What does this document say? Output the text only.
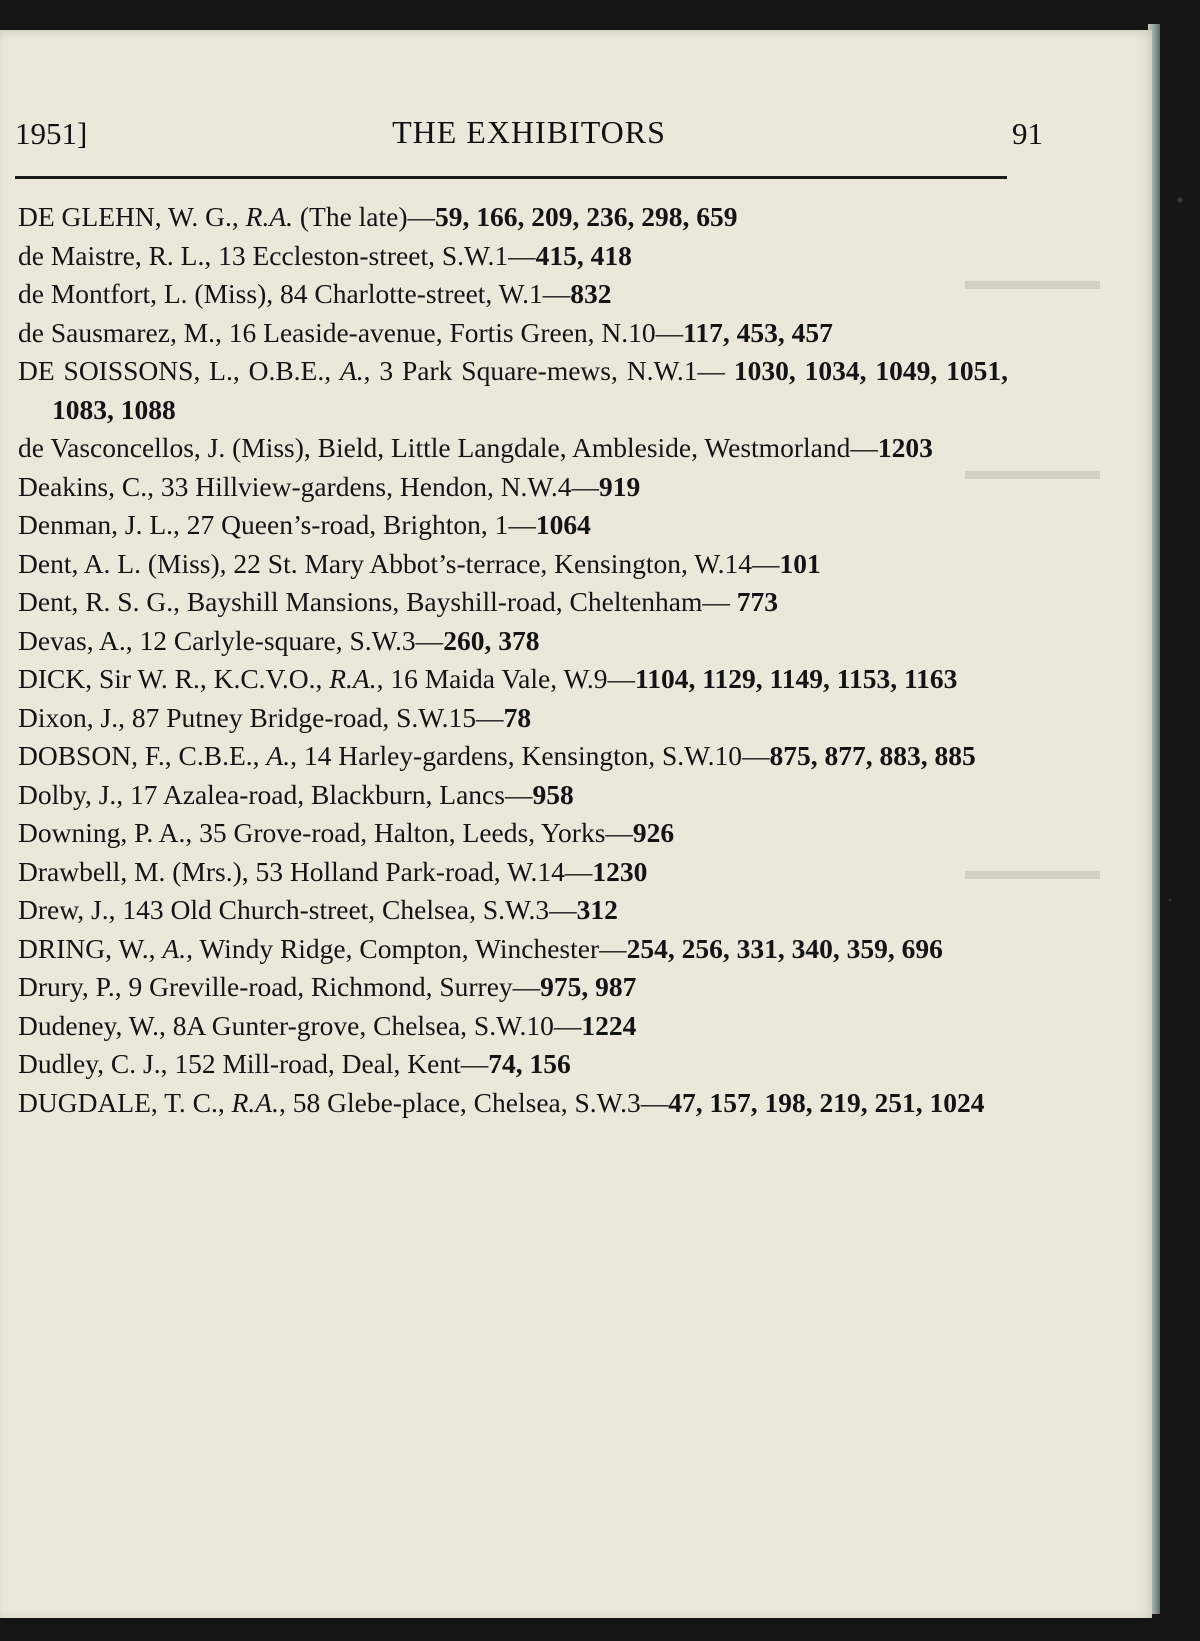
▬▬▬▬▬
▬▬▬▬▬
▬▬▬▬▬
1951]	THE EXHIBITORS	91
DE GLEHN, W. G., R.A. (The late)—59, 166, 209, 236, 298, 659
de Maistre, R. L., 13 Eccleston-street, S.W.1—415, 418
de Montfort, L. (Miss), 84 Charlotte-street, W.1—832
de Sausmarez, M., 16 Leaside-avenue, Fortis Green, N.10—117, 453, 457
DE SOISSONS, L., O.B.E., A., 3 Park Square-mews, N.W.1— 1030, 1034, 1049, 1051, 1083, 1088
de Vasconcellos, J. (Miss), Bield, Little Langdale, Ambleside, Westmorland—1203
Deakins, C., 33 Hillview-gardens, Hendon, N.W.4—919
Denman, J. L., 27 Queen’s-road, Brighton, 1—1064
Dent, A. L. (Miss), 22 St. Mary Abbot’s-terrace, Kensington, W.14—101
Dent, R. S. G., Bayshill Mansions, Bayshill-road, Cheltenham— 773
Devas, A., 12 Carlyle-square, S.W.3—260, 378
DICK, Sir W. R., K.C.V.O., R.A., 16 Maida Vale, W.9—1104, 1129, 1149, 1153, 1163
Dixon, J., 87 Putney Bridge-road, S.W.15—78
DOBSON, F., C.B.E., A., 14 Harley-gardens, Kensington, S.W.10—875, 877, 883, 885
Dolby, J., 17 Azalea-road, Blackburn, Lancs—958
Downing, P. A., 35 Grove-road, Halton, Leeds, Yorks—926
Drawbell, M. (Mrs.), 53 Holland Park-road, W.14—1230
Drew, J., 143 Old Church-street, Chelsea, S.W.3—312
DRING, W., A., Windy Ridge, Compton, Winchester—254, 256, 331, 340, 359, 696
Drury, P., 9 Greville-road, Richmond, Surrey—975, 987
Dudeney, W., 8A Gunter-grove, Chelsea, S.W.10—1224
Dudley, C. J., 152 Mill-road, Deal, Kent—74, 156
DUGDALE, T. C., R.A., 58 Glebe-place, Chelsea, S.W.3—47, 157, 198, 219, 251, 1024
